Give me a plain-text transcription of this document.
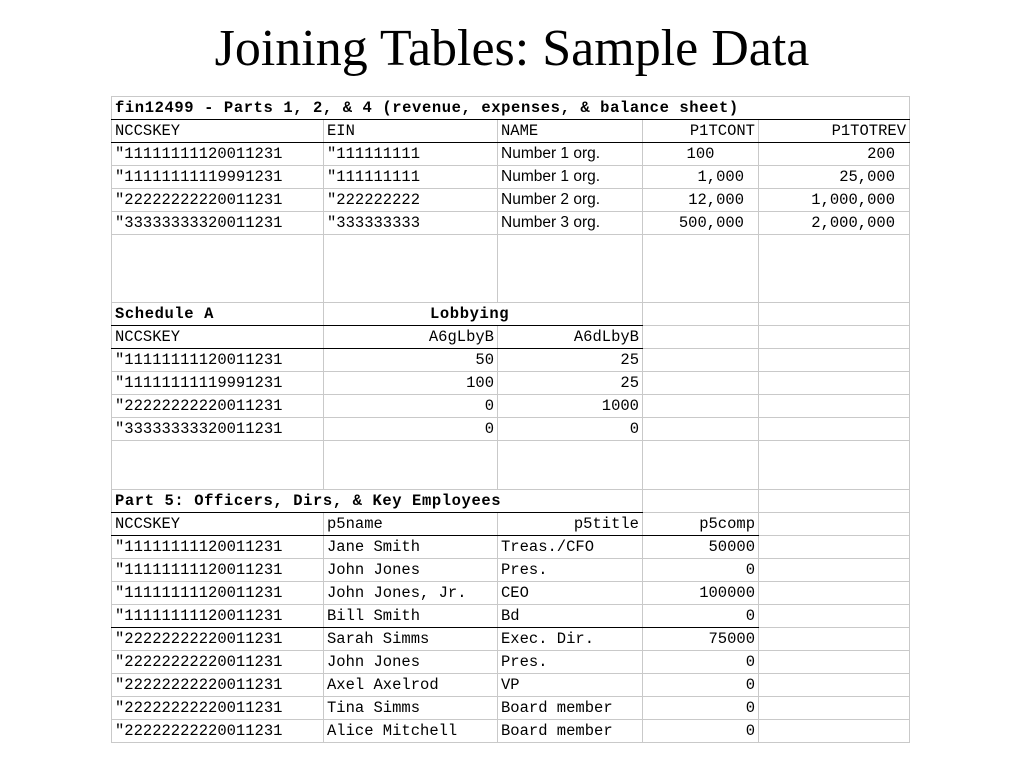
Joining Tables: Sample Data
fin12499 - Parts 1, 2, & 4 (revenue, expenses, & balance sheet)				
NCCSKEY	EIN	NAME	P1TCONT	P1TOTREV
"11111111120011231	"111111111	Number 1 org.	100	200
"11111111119991231	"111111111	Number 1 org.	1,000	25,000
"22222222220011231	"222222222	Number 2 org.	12,000	1,000,000
"33333333320011231	"333333333	Number 3 org.	500,000	2,000,000

Schedule A	Lobbying			
NCCSKEY	A6gLbyB	A6dLbyB		
"11111111120011231	50	25		
"11111111119991231	100	25		
"22222222220011231	0	1000		
"33333333320011231	0	0		

Part 5: Officers, Dirs, & Key Employees				
NCCSKEY	p5name	p5title	p5comp	
"11111111120011231	Jane Smith	Treas./CFO	50000	
"11111111120011231	John Jones	Pres.	0	
"11111111120011231	John Jones, Jr.	CEO	100000	
"11111111120011231	Bill Smith	Bd	0	
"22222222220011231	Sarah Simms	Exec. Dir.	75000	
"22222222220011231	John Jones	Pres.	0	
"22222222220011231	Axel Axelrod	VP	0	
"22222222220011231	Tina Simms	Board member	0	
"22222222220011231	Alice Mitchell	Board member	0	
